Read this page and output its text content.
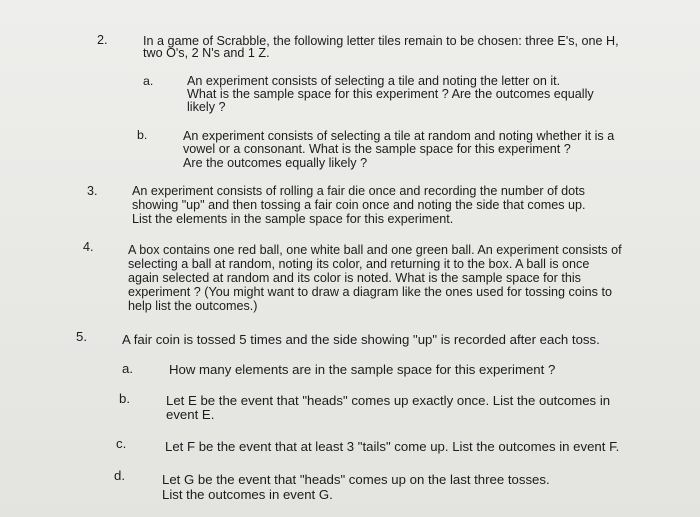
2.	In a game of Scrabble, the following letter tiles remain to be chosen: three E's, one H,
two O's, 2 N's and 1 Z.
a.	An experiment consists of selecting a tile and noting the letter on it.
What is the sample space for this experiment ? Are the outcomes equally
likely ?
b.	An experiment consists of selecting a tile at random and noting whether it is a
vowel or a consonant. What is the sample space for this experiment ?
Are the outcomes equally likely ?
3.	An experiment consists of rolling a fair die once and recording the number of dots
showing "up" and then tossing a fair coin once and noting the side that comes up.
List the elements in the sample space for this experiment.
4.	A box contains one red ball, one white ball and one green ball. An experiment consists of
selecting a ball at random, noting its color, and returning it to the box. A ball is once
again selected at random and its color is noted. What is the sample space for this
experiment ? (You might want to draw a diagram like the ones used for tossing coins to
help list the outcomes.)
5.	A fair coin is tossed 5 times and the side showing "up" is recorded after each toss.
a.	How many elements are in the sample space for this experiment ?
b.	Let E be the event that "heads" comes up exactly once. List the outcomes in
event E.
c.	Let F be the event that at least 3 "tails" come up. List the outcomes in event F.
d.	Let G be the event that "heads" comes up on the last three tosses.
List the outcomes in event G.
